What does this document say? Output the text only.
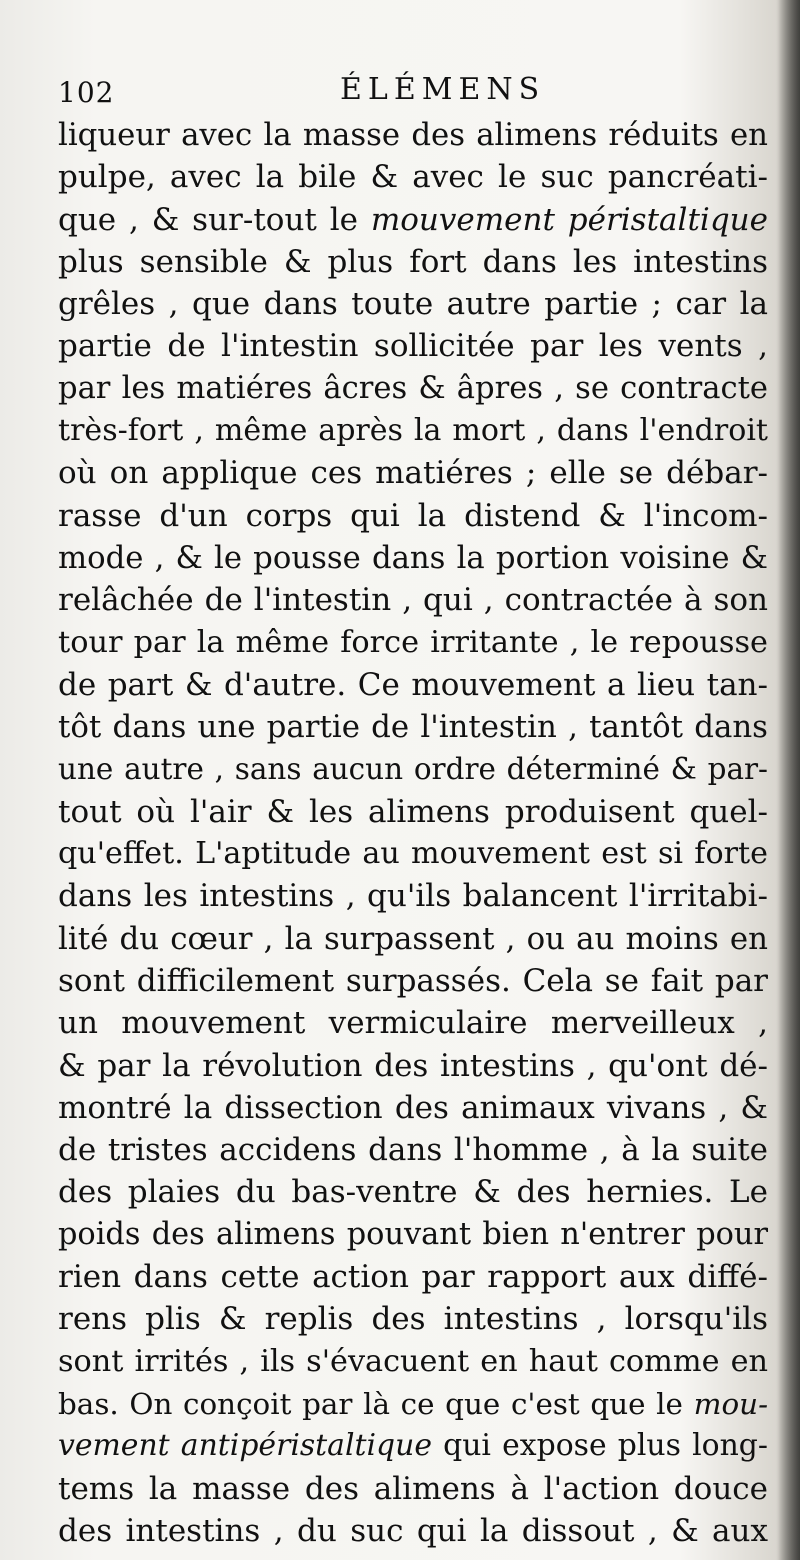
102	ÉLÉMENS
liqueur avec la masse des alimens réduits en
pulpe, avec la bile & avec le suc pancréati-
que , & sur-tout le mouvement péristaltique
plus sensible & plus fort dans les intestins
grêles , que dans toute autre partie ; car la
partie de l'intestin sollicitée par les vents ,
par les matiéres âcres & âpres , se contracte
très-fort , même après la mort , dans l'endroit
où on applique ces matiéres ; elle se débar-
rasse d'un corps qui la distend & l'incom-
mode , & le pousse dans la portion voisine &
relâchée de l'intestin , qui , contractée à son
tour par la même force irritante , le repousse
de part & d'autre. Ce mouvement a lieu tan-
tôt dans une partie de l'intestin , tantôt dans
une autre , sans aucun ordre déterminé & par-
tout où l'air & les alimens produisent quel-
qu'effet. L'aptitude au mouvement est si forte
dans les intestins , qu'ils balancent l'irritabi-
lité du cœur , la surpassent , ou au moins en
sont difficilement surpassés. Cela se fait par
un mouvement vermiculaire merveilleux ,
& par la révolution des intestins , qu'ont dé-
montré la dissection des animaux vivans , &
de tristes accidens dans l'homme , à la suite
des plaies du bas-ventre & des hernies. Le
poids des alimens pouvant bien n'entrer pour
rien dans cette action par rapport aux diffé-
rens plis & replis des intestins , lorsqu'ils
sont irrités , ils s'évacuent en haut comme en
bas. On conçoit par là ce que c'est que le mou-
vement antipéristaltique qui expose plus long-
tems la masse des alimens à l'action douce
des intestins , du suc qui la dissout , & aux
